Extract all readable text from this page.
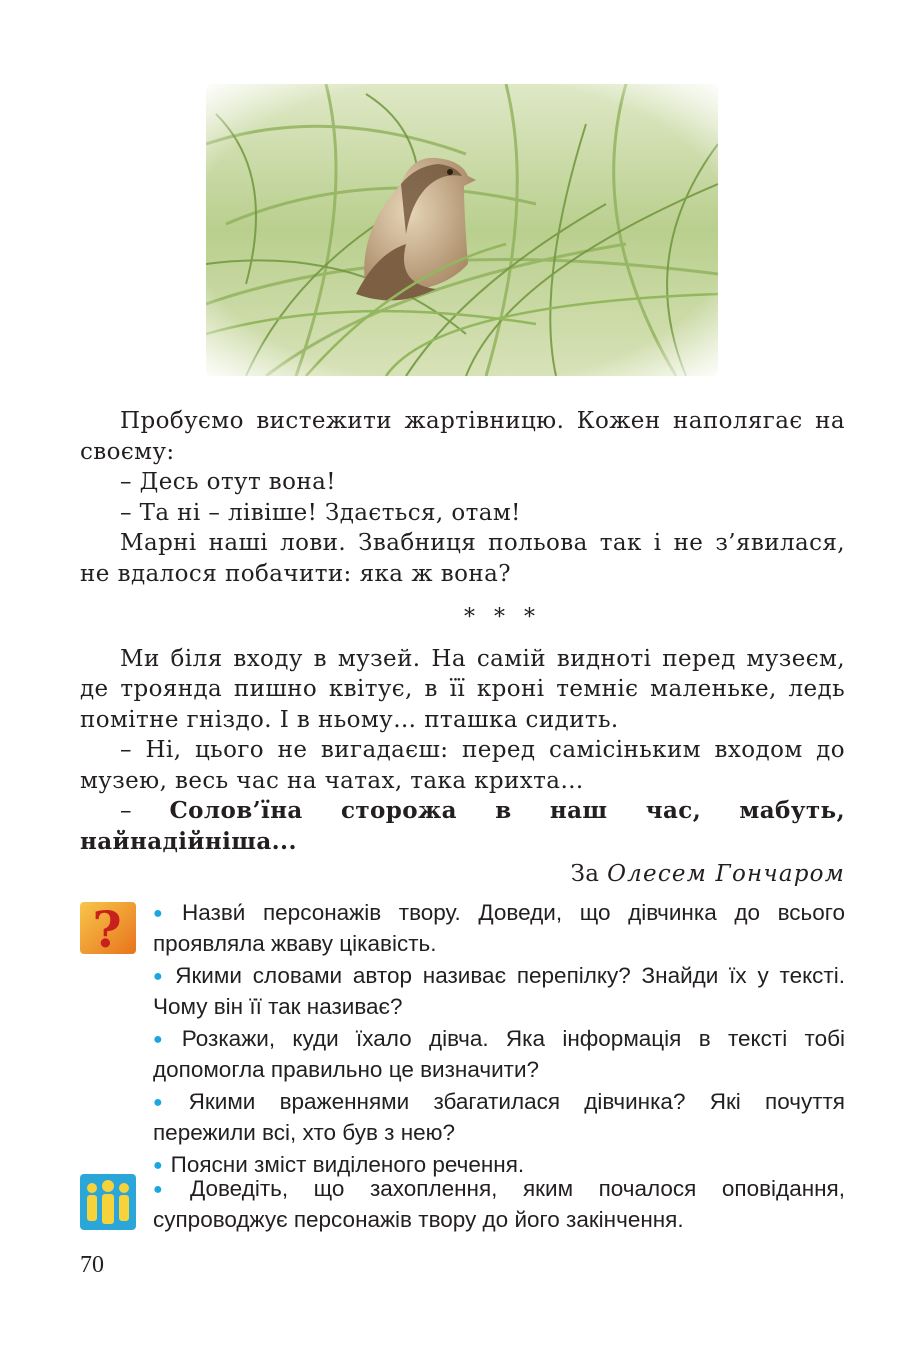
Пробуємо вистежити жартівницю. Кожен наполягає на своєму:

– Десь отут вона!

– Та ні – лівіше! Здається, отам!

Марні наші лови. Звабниця польова так і не з’явилася, не вдалося побачити: яка ж вона?

* * *

Ми біля входу в музей. На самій видноті перед музеєм, де троянда пишно квітує, в її кроні темніє маленьке, ледь помітне гніздо. І в ньому… пташка сидить.

– Ні, цього не вигадаєш: перед самісіньким входом до музею, весь час на чатах, така крихта…

– Солов’їна сторожа в наш час, мабуть, найнадійніша...

За Олесем Гончаром
? ● Назви́ персонажів твору. Доведи, що дівчинка до всього проявляла жваву цікавість.
● Якими словами автор називає перепілку? Знайди їх у тексті. Чому він її так називає?
● Розкажи, куди їхало дівча. Яка інформація в тексті тобі допомогла правильно це визначити?
● Якими враженнями збагатилася дівчинка? Які почуття пережили всі, хто був з нею?
● Поясни зміст виділеного речення.
● Доведіть, що захоплення, яким почалося оповідання, супроводжує персонажів твору до його закінчення.
70
